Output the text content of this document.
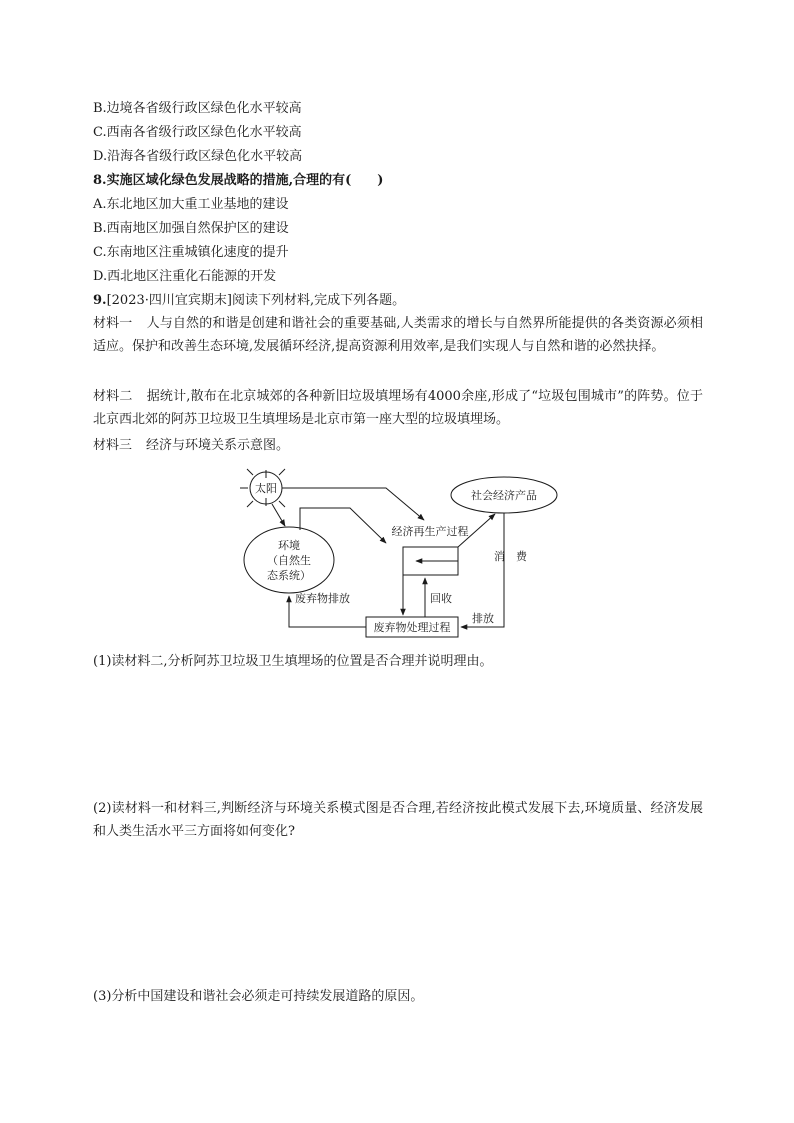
B.边境各省级行政区绿色化水平较高
C.西南各省级行政区绿色化水平较高
D.沿海各省级行政区绿色化水平较高
8.实施区域化绿色发展战略的措施,合理的有(　　)
A.东北地区加大重工业基地的建设
B.西南地区加强自然保护区的建设
C.东南地区注重城镇化速度的提升
D.西北地区注重化石能源的开发
9.[2023·四川宜宾期末]阅读下列材料,完成下列各题。
材料一 人与自然的和谐是创建和谐社会的重要基础,人类需求的增长与自然界所能提供的各类资源必须相适应。保护和改善生态环境,发展循环经济,提高资源利用效率,是我们实现人与自然和谐的必然抉择。
材料二 据统计,散布在北京城郊的各种新旧垃圾填埋场有4000余座,形成了“垃圾包围城市”的阵势。位于北京西北郊的阿苏卫垃圾卫生填埋场是北京市第一座大型的垃圾填埋场。
材料三 经济与环境关系示意图。
太阳
环境
（自然生
态系统）
社会经济产品
经济再生产过程
消　费
回收
排放
废弃物排放
废弃物处理过程
(1)读材料二,分析阿苏卫垃圾卫生填埋场的位置是否合理并说明理由。
(2)读材料一和材料三,判断经济与环境关系模式图是否合理,若经济按此模式发展下去,环境质量、经济发展和人类生活水平三方面将如何变化?
(3)分析中国建设和谐社会必须走可持续发展道路的原因。
